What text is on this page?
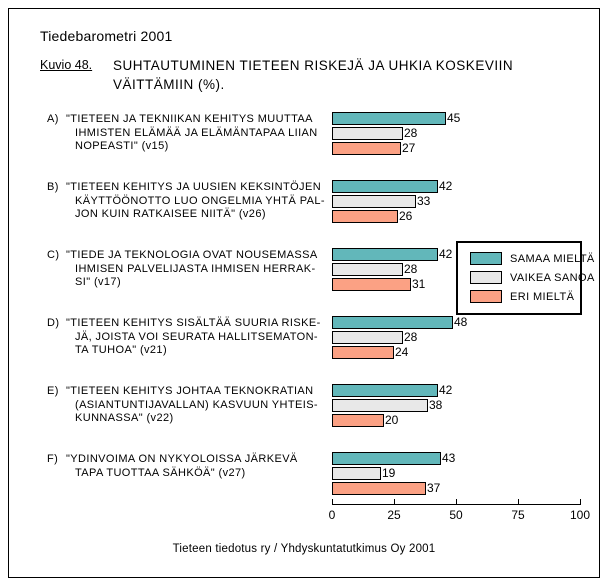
Tiedebarometri 2001
Kuvio 48. SUHTAUTUMINEN TIETEEN RISKEJÄ JA UHKIA KOSKEVIIN
VÄITTÄMIIN (%).
A) "TIETEEN JA TEKNIIKAN KEHITYS MUUTTAA
IHMISTEN ELÄMÄÄ JA ELÄMÄNTAPAA LIIAN
NOPEASTI" (v15)
45
28
27
B) "TIETEEN KEHITYS JA UUSIEN KEKSINTÖJEN
KÄYTTÖÖNOTTO LUO ONGELMIA YHTÄ PAL-
JON KUIN RATKAISEE NIITÄ" (v26)
42
33
26
C) "TIEDE JA TEKNOLOGIA OVAT NOUSEMASSA
IHMISEN PALVELIJASTA IHMISEN HERRAK-
SI" (v17)
42
28
31
D) "TIETEEN KEHITYS SISÄLTÄÄ SUURIA RISKE-
JÄ, JOISTA VOI SEURATA HALLITSEMATON-
TA TUHOA" (v21)
48
28
24
E) "TIETEEN KEHITYS JOHTAA TEKNOKRATIAN
(ASIANTUNTIJAVALLAN) KASVUUN YHTEIS-
KUNNASSA" (v22)
42
38
20
F) "YDINVOIMA ON NYKYOLOISSA JÄRKEVÄ
TAPA TUOTTAA SÄHKÖÄ" (v27)
43
19
37
0	25	50	75	100
SAMAA MIELTÄ
VAIKEA SANOA
ERI MIELTÄ
Tieteen tiedotus ry / Yhdyskuntatutkimus Oy 2001
